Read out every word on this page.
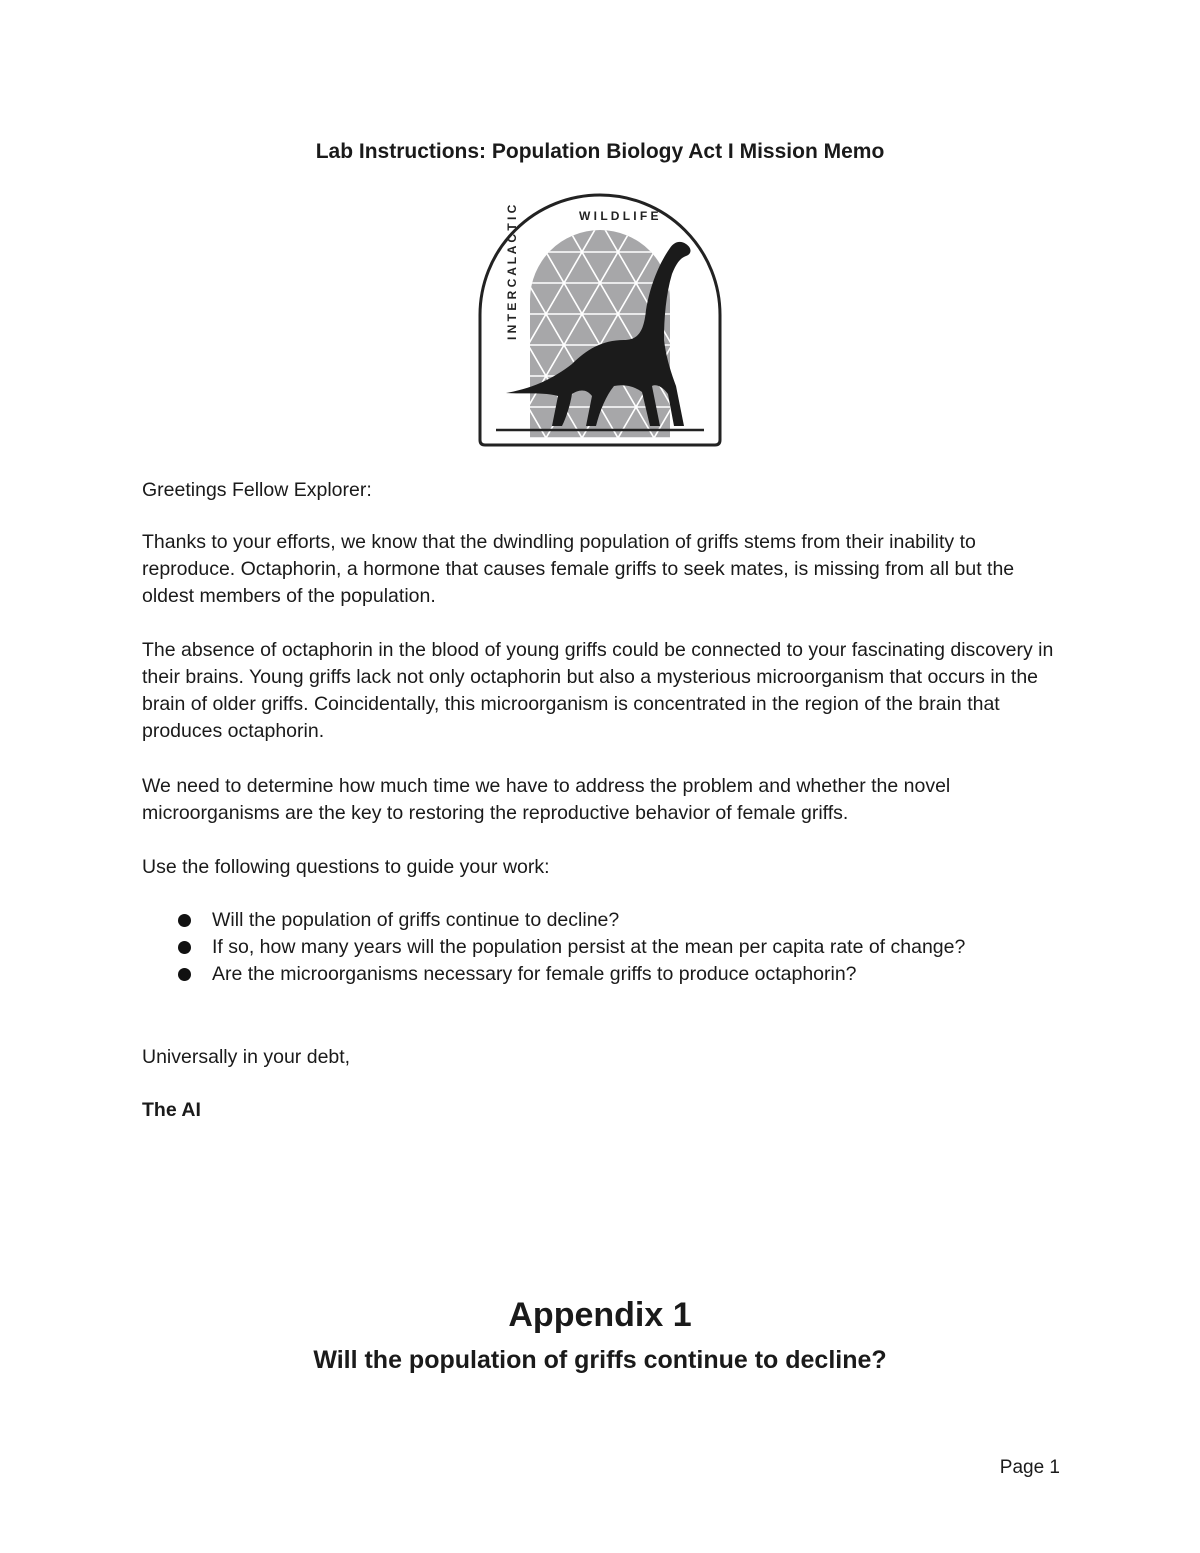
Lab Instructions: Population Biology Act I Mission Memo
I N T E R C A L A C T I C	W I L D L I F E

Greetings Fellow Explorer:

Thanks to your efforts, we know that the dwindling population of griffs stems from their inability to reproduce. Octaphorin, a hormone that causes female griffs to seek mates, is missing from all but the oldest members of the population.

The absence of octaphorin in the blood of young griffs could be connected to your fascinating discovery in their brains. Young griffs lack not only octaphorin but also a mysterious microorganism that occurs in the brain of older griffs. Coincidentally, this microorganism is concentrated in the region of the brain that produces octaphorin.

We need to determine how much time we have to address the problem and whether the novel microorganisms are the key to restoring the reproductive behavior of female griffs.

Use the following questions to guide your work:

Will the population of griffs continue to decline?
If so, how many years will the population persist at the mean per capita rate of change?
Are the microorganisms necessary for female griffs to produce octaphorin?

Universally in your debt,

The AI

Appendix 1
Will the population of griffs continue to decline?
Page 1
